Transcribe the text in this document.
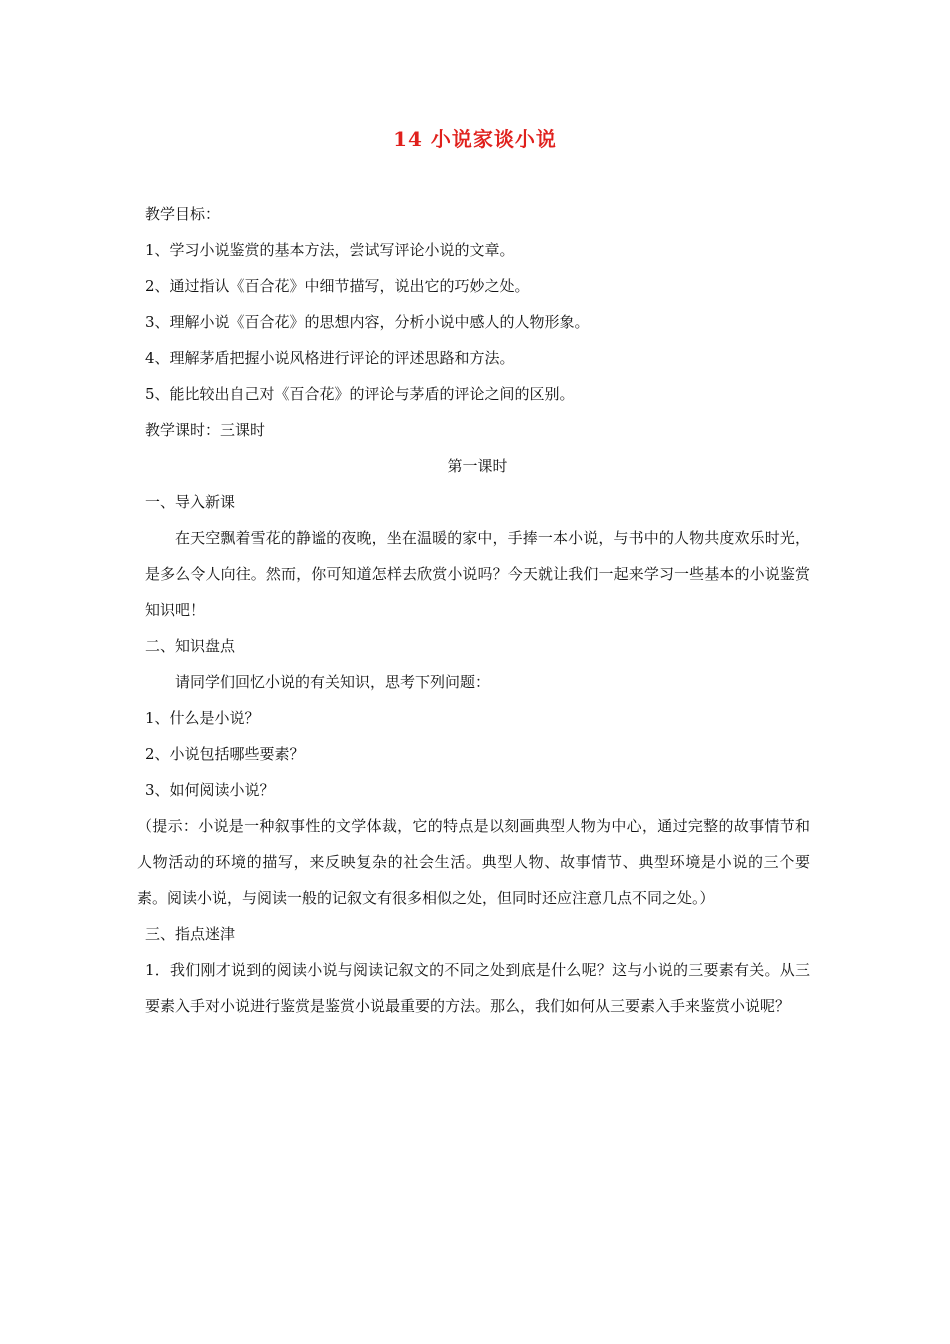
14 小说家谈小说

教学目标：

1、学习小说鉴赏的基本方法，尝试写评论小说的文章。

2、通过指认《百合花》中细节描写，说出它的巧妙之处。

3、理解小说《百合花》的思想内容，分析小说中感人的人物形象。

4、理解茅盾把握小说风格进行评论的评述思路和方法。

5、能比较出自己对《百合花》的评论与茅盾的评论之间的区别。

教学课时：三课时

第一课时

一、导入新课

在天空飘着雪花的静谧的夜晚，坐在温暖的家中，手捧一本小说，与书中的人物共度欢乐时光，是多么令人向往。然而，你可知道怎样去欣赏小说吗？今天就让我们一起来学习一些基本的小说鉴赏知识吧！

二、知识盘点

请同学们回忆小说的有关知识，思考下列问题：

1、什么是小说？

2、小说包括哪些要素？

3、如何阅读小说？

（提示：小说是一种叙事性的文学体裁，它的特点是以刻画典型人物为中心，通过完整的故事情节和人物活动的环境的描写，来反映复杂的社会生活。典型人物、故事情节、典型环境是小说的三个要素。阅读小说，与阅读一般的记叙文有很多相似之处，但同时还应注意几点不同之处。）

三、指点迷津

1．我们刚才说到的阅读小说与阅读记叙文的不同之处到底是什么呢？这与小说的三要素有关。从三要素入手对小说进行鉴赏是鉴赏小说最重要的方法。那么，我们如何从三要素入手来鉴赏小说呢？
